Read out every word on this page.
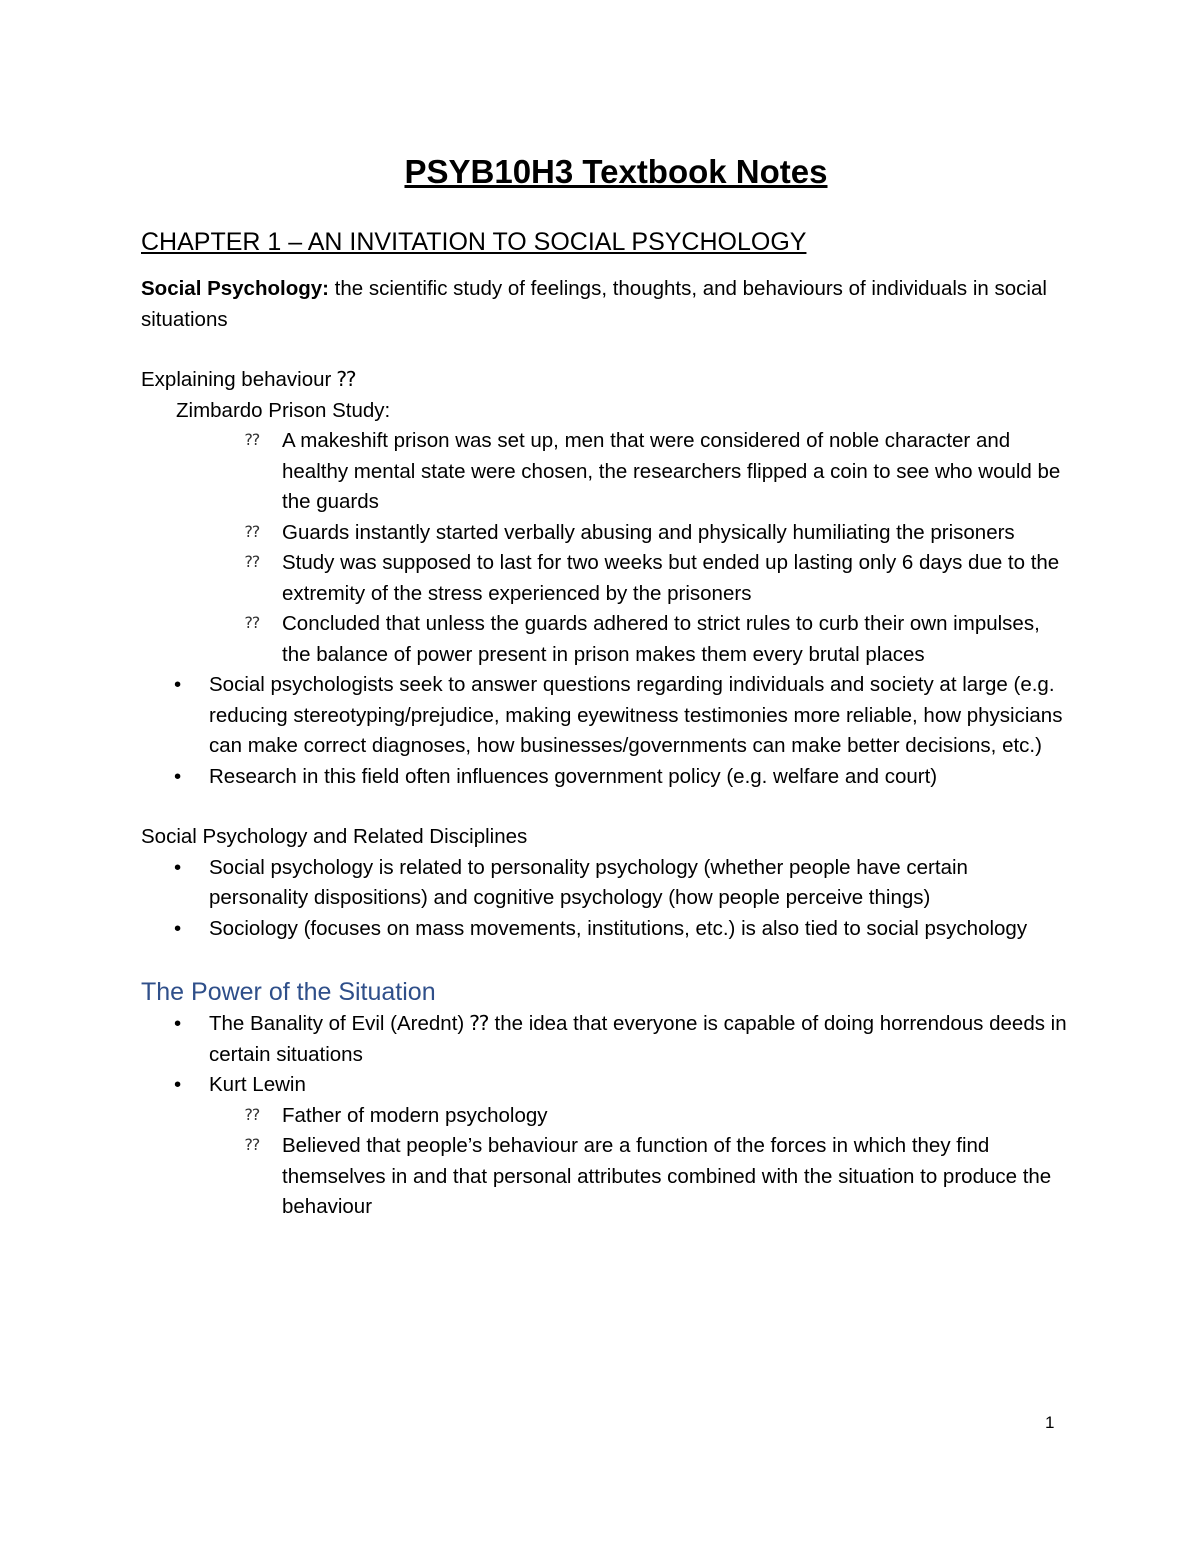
PSYB10H3 Textbook Notes
CHAPTER 1 – AN INVITATION TO SOCIAL PSYCHOLOGY
Social Psychology: the scientific study of feelings, thoughts, and behaviours of individuals in social situations
Explaining behaviour ⁇
Zimbardo Prison Study:
⁇ A makeshift prison was set up, men that were considered of noble character and healthy mental state were chosen, the researchers flipped a coin to see who would be the guards
⁇ Guards instantly started verbally abusing and physically humiliating the prisoners
⁇ Study was supposed to last for two weeks but ended up lasting only 6 days due to the extremity of the stress experienced by the prisoners
⁇ Concluded that unless the guards adhered to strict rules to curb their own impulses, the balance of power present in prison makes them every brutal places
• Social psychologists seek to answer questions regarding individuals and society at large (e.g. reducing stereotyping/prejudice, making eyewitness testimonies more reliable, how physicians can make correct diagnoses, how businesses/governments can make better decisions, etc.)
• Research in this field often influences government policy (e.g. welfare and court)
Social Psychology and Related Disciplines
• Social psychology is related to personality psychology (whether people have certain personality dispositions) and cognitive psychology (how people perceive things)
• Sociology (focuses on mass movements, institutions, etc.) is also tied to social psychology
The Power of the Situation
• The Banality of Evil (Arednt) ⁇ the idea that everyone is capable of doing horrendous deeds in certain situations
• Kurt Lewin
⁇ Father of modern psychology
⁇ Believed that people’s behaviour are a function of the forces in which they find themselves in and that personal attributes combined with the situation to produce the behaviour
1
